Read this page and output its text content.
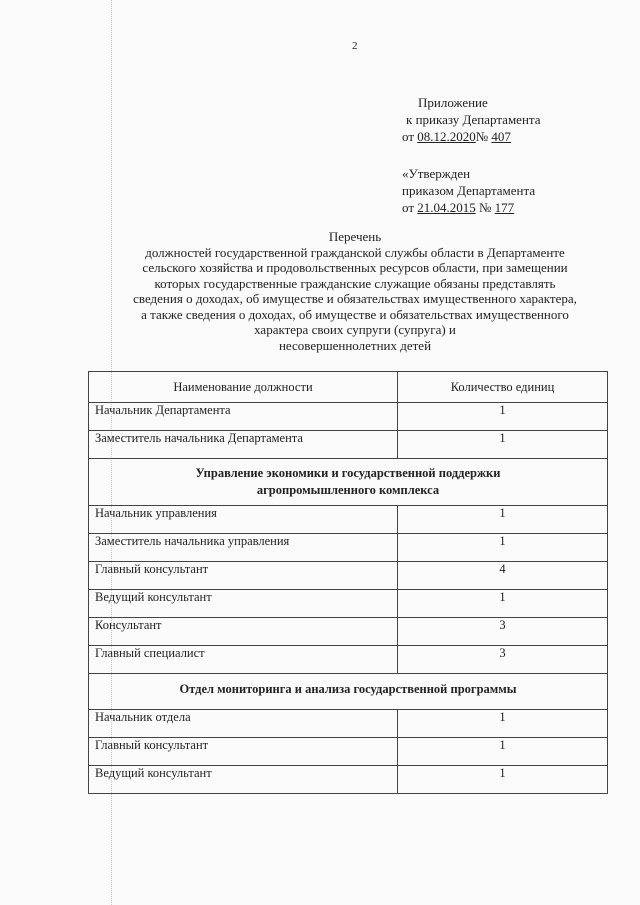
2
Приложение
к приказу Департамента
от 08.12.2020№ 407
«Утвержден
приказом Департамента
от 21.04.2015 № 177
Перечень
должностей государственной гражданской службы области в Департаменте
сельского хозяйства и продовольственных ресурсов области, при замещении
которых государственные гражданские служащие обязаны представлять
сведения о доходах, об имуществе и обязательствах имущественного характера,
а также сведения о доходах, об имуществе и обязательствах имущественного
характера своих супруги (супруга) и
несовершеннолетних детей
Наименование должности	Количество единиц
Начальник Департамента	1
Заместитель начальника Департамента	1

Управление экономики и государственной поддержки
агропромышленного комплекса	

Начальник управления	1
Заместитель начальника управления	1
Главный консультант	4
Ведущий консультант	1
Консультант	3
Главный специалист	3
Отдел мониторинга и анализа государственной программы	
Начальник отдела	1
Главный консультант	1
Ведущий консультант	1
